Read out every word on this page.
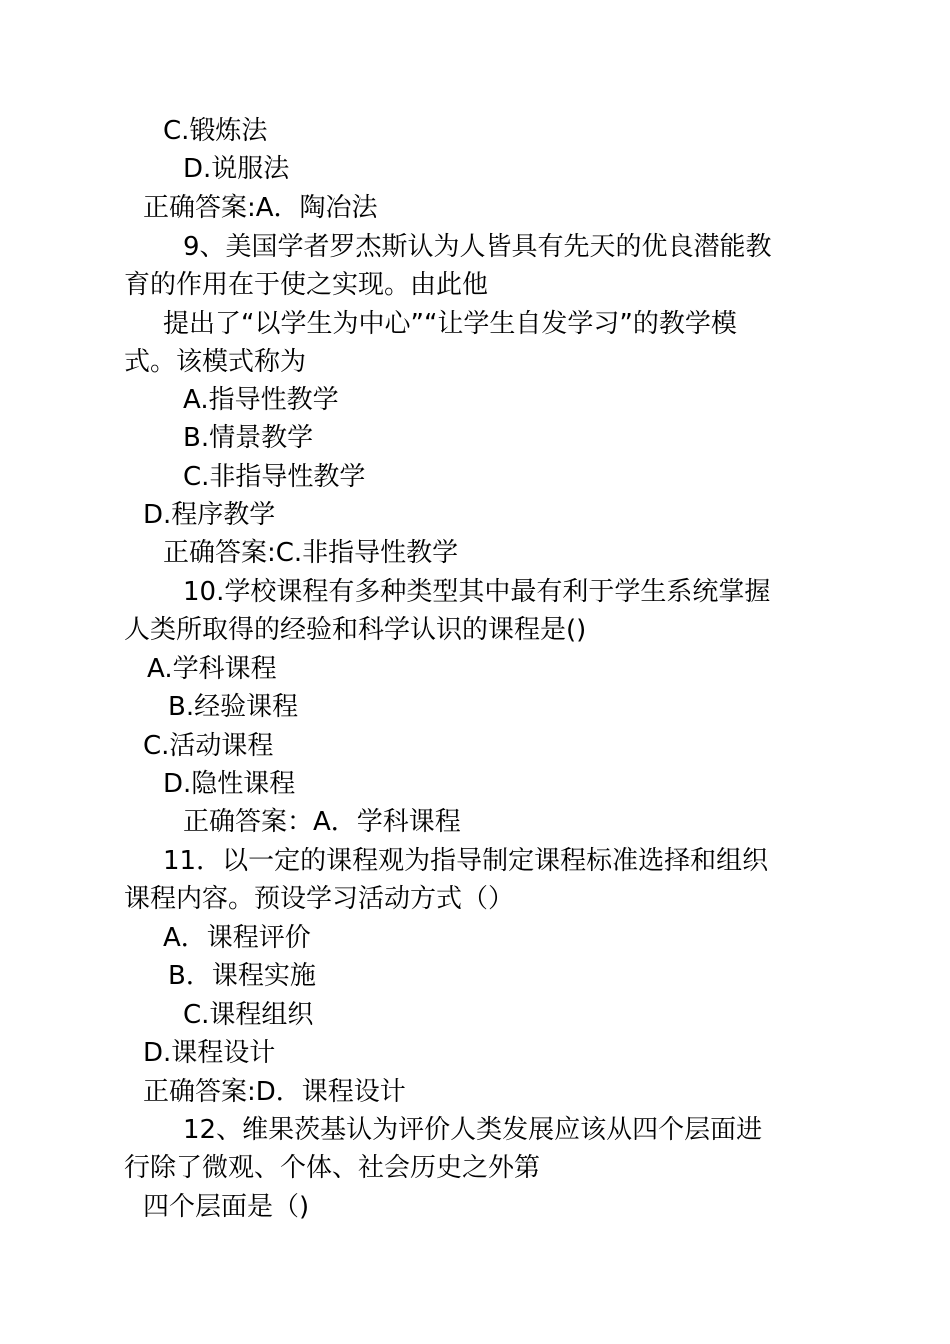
C.锻炼法
D.说服法
正确答案:A．陶冶法
9、美国学者罗杰斯认为人皆具有先天的优良潜能教
育的作用在于使之实现。由此他
提出了“以学生为中心”“让学生自发学习”的教学模
式。该模式称为
A.指导性教学
B.情景教学
C.非指导性教学
D.程序教学
正确答案:C.非指导性教学
10.学校课程有多种类型其中最有利于学生系统掌握
人类所取得的经验和科学认识的课程是()
A.学科课程
B.经验课程
C.活动课程
D.隐性课程
正确答案：A．学科课程
11．以一定的课程观为指导制定课程标准选择和组织
课程内容。预设学习活动方式（）
A．课程评价
B．课程实施
C.课程组织
D.课程设计
正确答案:D．课程设计
12、维果茨基认为评价人类发展应该从四个层面进
行除了微观、个体、社会历史之外第
四个层面是（)
